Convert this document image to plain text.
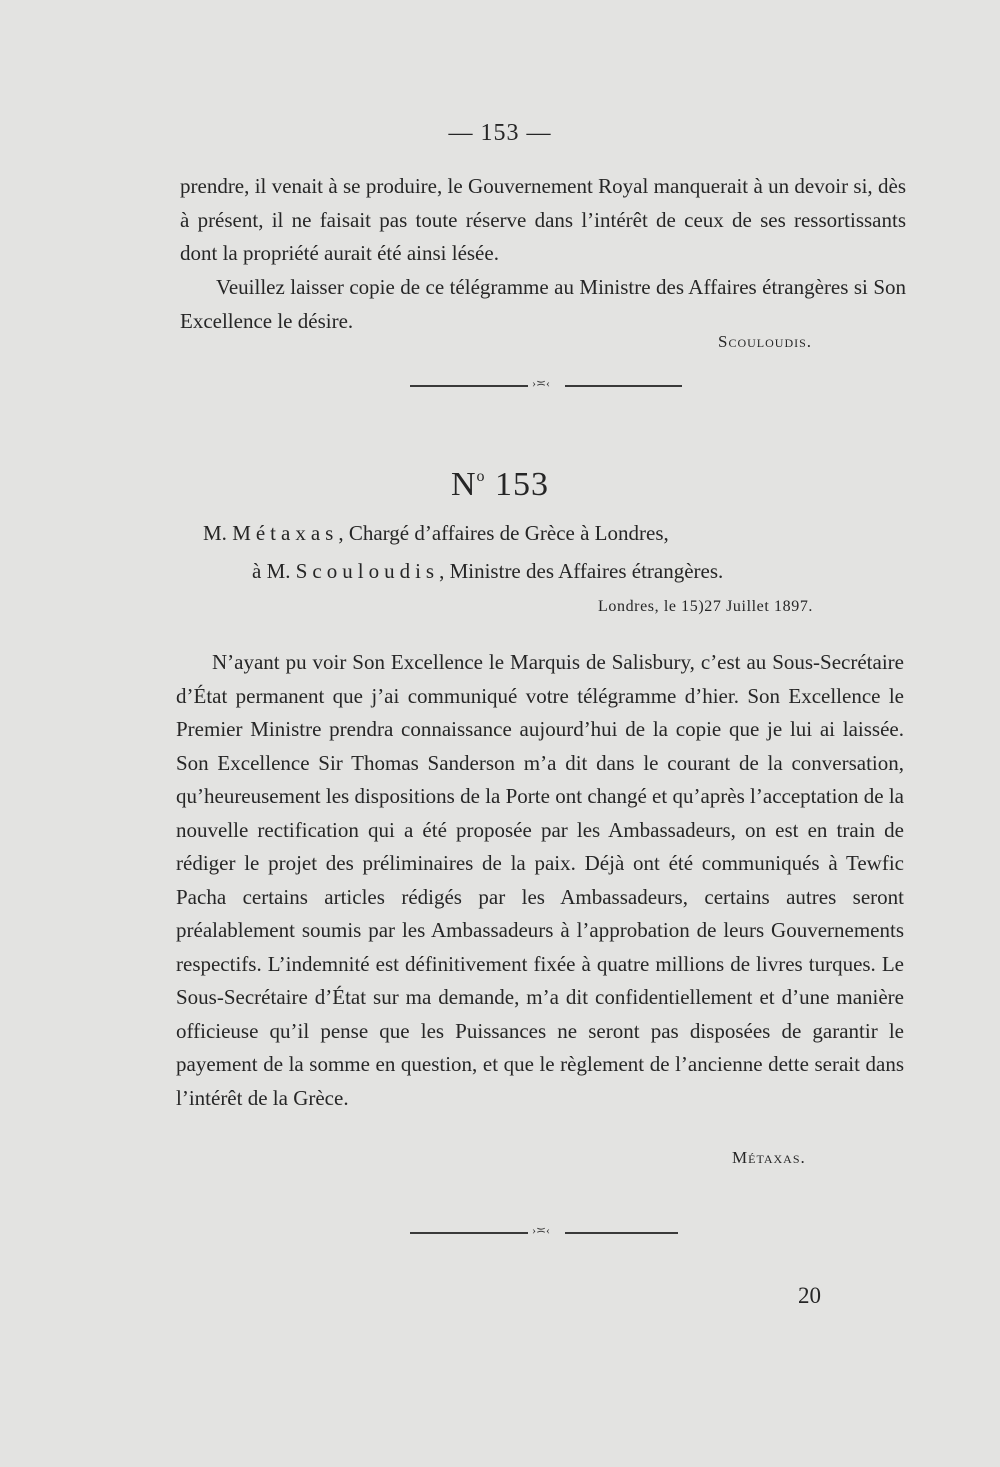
— 153 —
prendre, il venait à se produire, le Gouvernement Royal manquerait à un devoir si, dès à présent, il ne faisait pas toute réserve dans l’intérêt de ceux de ses ressortissants dont la propriété aurait été ainsi lésée.
Veuillez laisser copie de ce télégramme au Ministre des Affaires étrangères si Son Excellence le désire.
Scouloudis.
›≍‹
$N^o$ 153
M. Métaxas, Chargé d’affaires de Grèce à Londres,
à M. Scouloudis, Ministre des Affaires étrangères.
Londres, le 15)27 Juillet 1897.
N’ayant pu voir Son Excellence le Marquis de Salisbury, c’est au Sous-Secrétaire d’État permanent que j’ai communiqué votre télégramme d’hier. Son Excellence le Premier Ministre prendra connaissance aujourd’hui de la copie que je lui ai laissée. Son Excellence Sir Thomas Sanderson m’a dit dans le courant de la conversation, qu’heureusement les dispositions de la Porte ont changé et qu’après l’acceptation de la nouvelle rectification qui a été proposée par les Ambassadeurs, on est en train de rédiger le projet des préliminaires de la paix. Déjà ont été communiqués à Tewfic Pacha certains articles rédigés par les Ambassadeurs, certains autres seront préalablement soumis par les Ambassadeurs à l’approbation de leurs Gouvernements respectifs. L’indemnité est définitivement fixée à quatre millions de livres turques. Le Sous-Secrétaire d’État sur ma demande, m’a dit confidentiellement et d’une manière officieuse qu’il pense que les Puissances ne seront pas disposées de garantir le payement de la somme en question, et que le règlement de l’ancienne dette serait dans l’intérêt de la Grèce.
Métaxas.
›≍‹
20
